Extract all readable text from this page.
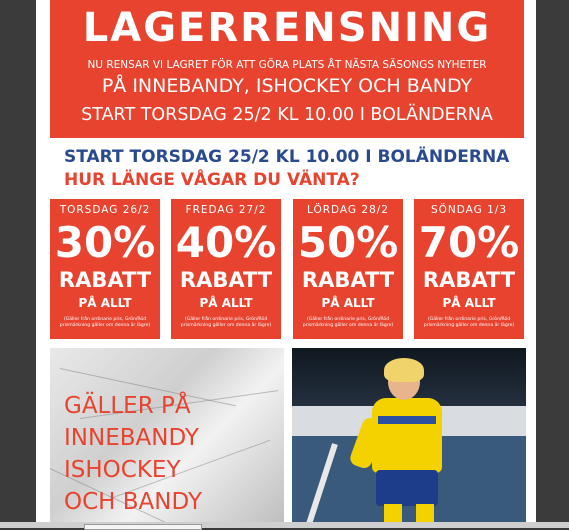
LAGERRENSNING
NU RENSAR VI LAGRET FÖR ATT GÖRA PLATS ÅT NÄSTA SÄSONGS NYHETER
PÅ INNEBANDY, ISHOCKEY OCH BANDY
START TORSDAG 25/2 KL 10.00 I BOLÄNDERNA
START TORSDAG 25/2 KL 10.00 I BOLÄNDERNA
HUR LÄNGE VÅGAR DU VÄNTA?
TORSDAG 26/2
30%
RABATT
PÅ ALLT
(Gäller från ordinarie pris, Grön/Röd prismärkning gäller om denna är lägre)
FREDAG 27/2
40%
RABATT
PÅ ALLT
(Gäller från ordinarie pris, Grön/Röd prismärkning gäller om denna är lägre)
LÖRDAG 28/2
50%
RABATT
PÅ ALLT
(Gäller från ordinarie pris, Grön/Röd prismärkning gäller om denna är lägre)
SÖNDAG 1/3
70%
RABATT
PÅ ALLT
(Gäller från ordinarie pris, Grön/Röd prismärkning gäller om denna är lägre)
GÄLLER PÅ
INNEBANDY
ISHOCKEY
OCH BANDY
